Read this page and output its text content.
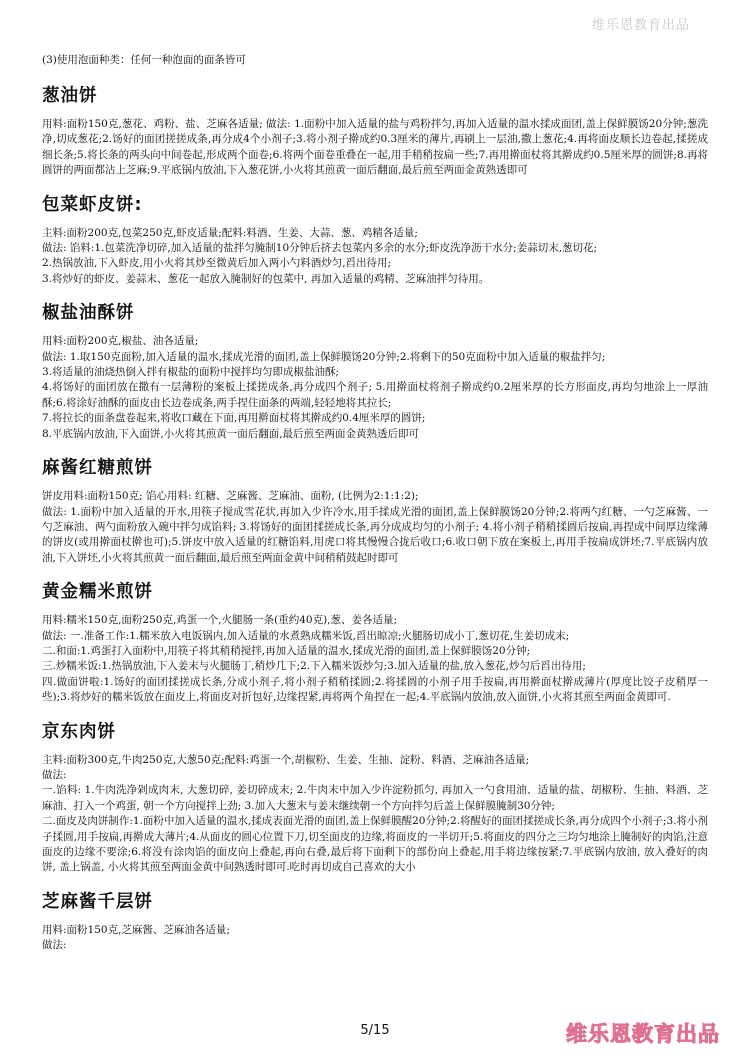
维乐恩教育出品
(3)使用泡面种类：任何一种泡面的面条皆可
葱油饼

用料:面粉150克,葱花、鸡粉、盐、芝麻各适量; 做法: 1.面粉中加入适量的盐与鸡粉拌匀,再加入适量的温水揉成面团,盖上保鲜膜饧20分钟;葱洗净,切成葱花;2.饧好的面团搓搓成条,再分成4个小剂子;3.将小剂子擀成约0.3厘米的薄片,再刷上一层油,撒上葱花;4.再将面皮顺长边卷起,揉搓成细长条;5.将长条的两头向中间卷起,形成两个面卷;6.将两个面卷重叠在一起,用手稍稍按扁一些;7.再用擀面杖将其擀成约0.5厘米厚的圆饼;8.再将圆饼的两面都沾上芝麻;9.平底锅内放油,下入葱花饼,小火将其煎黄一面后翻面,最后煎至两面金黄熟透即可

包菜虾皮饼:

主料:面粉200克,包菜250克,虾皮适量;配料:料酒、生姜、大蒜、葱、鸡精各适量;

做法: 馅料:1.包菜洗净切碎,加入适量的盐拌匀腌制10分钟后挤去包菜内多余的水分;虾皮洗净沥干水分;姜蒜切末,葱切花;

2.热锅放油,下入虾皮,用小火将其炒至微黄后加入两小勺料酒炒匀,舀出待用;

3.将炒好的虾皮、姜蒜末、葱花一起放入腌制好的包菜中, 再加入适量的鸡精、芝麻油拌匀待用。

椒盐油酥饼

用料:面粉200克,椒盐、油各适量;

做法: 1.取150克面粉,加入适量的温水,揉成光滑的面团,盖上保鲜膜饧20分钟;2.将剩下的50克面粉中加入适量的椒盐拌匀;

3.将适量的油烧热倒入拌有椒盐的面粉中搅拌均匀即成椒盐油酥;

4.将饧好的面团放在撒有一层薄粉的案板上揉搓成条,再分成四个剂子; 5.用擀面杖将剂子擀成约0.2厘米厚的长方形面皮,再均匀地涂上一厚油酥;6.将涂好油酥的面皮由长边卷成条,两手捏住面条的两端,轻轻地将其拉长;

7.将拉长的面条盘卷起来,将收口藏在下面,再用擀面杖将其擀成约0.4厘米厚的圆饼;

8.平底锅内放油,下入面饼,小火将其煎黄一面后翻面,最后煎至两面金黄熟透后即可

麻酱红糖煎饼

饼皮用料:面粉150克; 馅心用料: 红糖、芝麻酱、芝麻油、面粉, (比例为2:1:1:2);

做法: 1.面粉中加入适量的开水,用筷子搅成雪花状,再加入少许冷水,用手揉成光滑的面团,盖上保鲜膜饧20分钟;2.将两勺红糖、一勺芝麻酱、一勺芝麻油、两勺面粉放入碗中拌匀成馅料; 3.将饧好的面团揉搓成长条,再分成成均匀的小剂子; 4.将小剂子稍稍揉圆后按扁,再捏成中间厚边缘薄的饼皮(或用擀面杖擀也可);5.饼皮中放入适量的红糖馅料,用虎口将其慢慢合拢后收口;6.收口朝下放在案板上,再用手按扁成饼坯;7.平底锅内放油,下入饼坯,小火将其煎黄一面后翻面,最后煎至两面金黄中间稍稍鼓起时即可

黄金糯米煎饼

用料:糯米150克,面粉250克,鸡蛋一个,火腿肠一条(重约40克),葱、姜各适量;

做法: 一.准备工作:1.糯米放入电饭锅内,加入适量的水煮熟成糯米饭,舀出晾凉;火腿肠切成小丁,葱切花,生姜切成末;

二.和面:1.鸡蛋打入面粉中,用筷子将其稍稍搅拌,再加入适量的温水,揉成光滑的面团,盖上保鲜膜饧20分钟;

三.炒糯米饭:1.热锅放油,下入姜末与火腿肠丁,稍炒几下;2.下入糯米饭炒匀;3.加入适量的盐,放入葱花,炒匀后舀出待用;

四.做面饼啦:1.饧好的面团揉搓成长条,分成小剂子,将小剂子稍稍揉圆;2.将揉圆的小剂子用手按扁,再用擀面杖擀成薄片(厚度比饺子皮稍厚一些);3.将炒好的糯米饭放在面皮上,将面皮对折包好,边缘捏紧,再将两个角捏在一起;4.平底锅内放油,放入面饼,小火将其煎至两面金黄即可.

京东肉饼

主料:面粉300克,牛肉250克,大葱50克;配料:鸡蛋一个,胡椒粉、生姜、生抽、淀粉、料酒、芝麻油各适量;

做法:

一.馅料: 1.牛肉洗净剁成肉末, 大葱切碎, 姜切碎成末; 2.牛肉末中加入少许淀粉抓匀, 再加入一勺食用油、适量的盐、胡椒粉、生抽、料酒、芝麻油、打入一个鸡蛋, 朝一个方向搅拌上劲; 3.加入大葱末与姜末继续朝一个方向拌匀后盖上保鲜膜腌制30分钟;

二.面皮及肉饼制作:1.面粉中加入适量的温水,揉成表面光滑的面团,盖上保鲜膜醒20分钟;2.将醒好的面团揉搓成长条,再分成四个小剂子;3.将小剂子揉圆,用手按扁,再擀成大薄片;4.从面皮的圆心位置下刀,切至面皮的边缘,将面皮的一半切开;5.将面皮的四分之三均匀地涂上腌制好的肉馅,注意面皮的边缘不要涂;6.将没有涂肉馅的面皮向上叠起,再向右叠,最后将下面剩下的部份向上叠起,用手将边缘按紧;7.平底锅内放油, 放入叠好的肉饼, 盖上锅盖, 小火将其煎至两面金黄中间熟透时即可.吃时再切成自己喜欢的大小

芝麻酱千层饼

用料:面粉150克,芝麻酱、芝麻油各适量;

做法:

5/15	维乐恩教育出品
